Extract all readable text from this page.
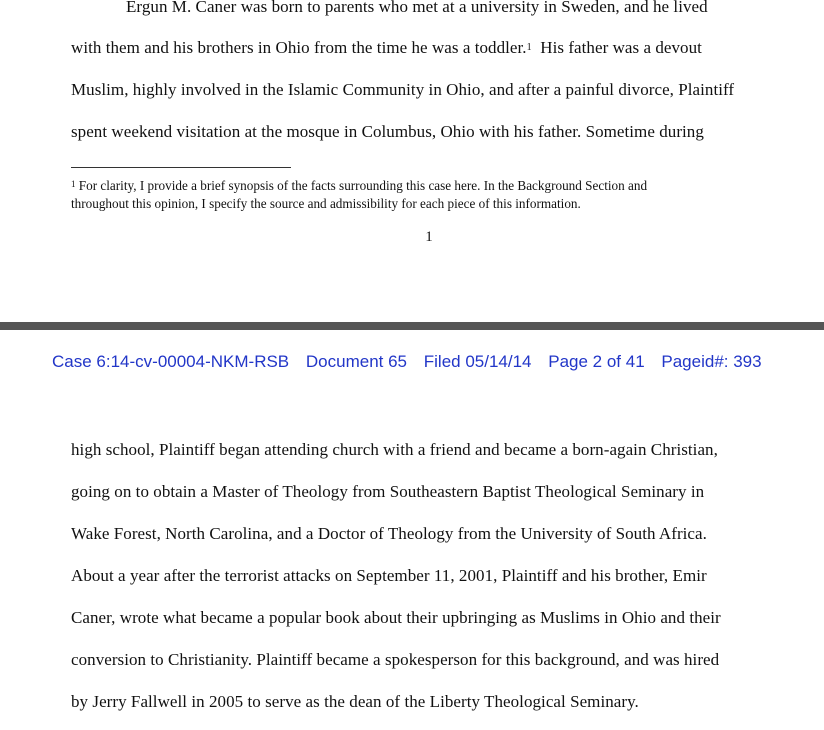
Ergun M. Caner was born to parents who met at a university in Sweden, and he lived
with them and his brothers in Ohio from the time he was a toddler.$^1$ His father was a devout
Muslim, highly involved in the Islamic Community in Ohio, and after a painful divorce, Plaintiff
spent weekend visitation at the mosque in Columbus, Ohio with his father. Sometime during
$^1$ For clarity, I provide a brief synopsis of the facts surrounding this case here. In the Background Section and
throughout this opinion, I specify the source and admissibility for each piece of this information.
1
Case 6:14-cv-00004-NKM-RSB Document 65 Filed 05/14/14 Page 2 of 41 Pageid#: 393
high school, Plaintiff began attending church with a friend and became a born-again Christian,
going on to obtain a Master of Theology from Southeastern Baptist Theological Seminary in
Wake Forest, North Carolina, and a Doctor of Theology from the University of South Africa.
About a year after the terrorist attacks on September 11, 2001, Plaintiff and his brother, Emir
Caner, wrote what became a popular book about their upbringing as Muslims in Ohio and their
conversion to Christianity. Plaintiff became a spokesperson for this background, and was hired
by Jerry Fallwell in 2005 to serve as the dean of the Liberty Theological Seminary.
